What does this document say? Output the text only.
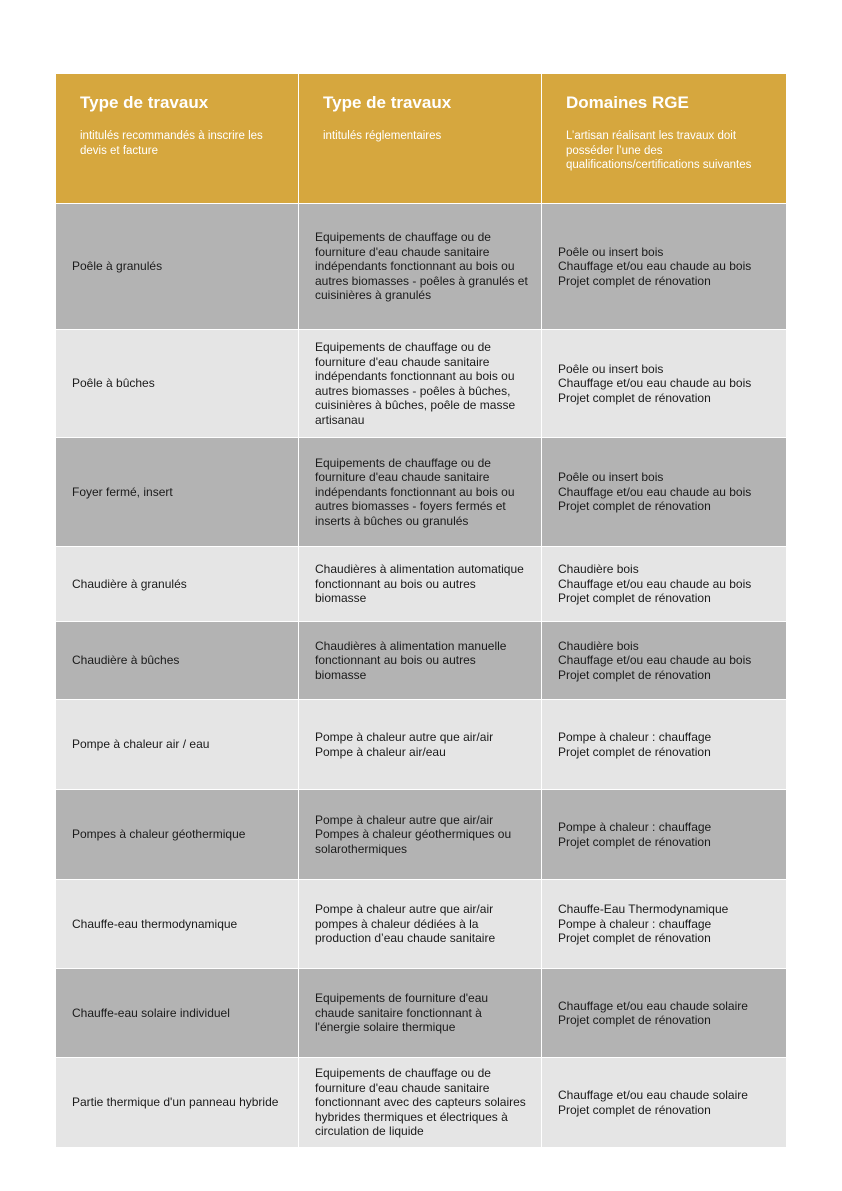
Type de travaux
intitulés recommandés à inscrire les devis et facture
Type de travaux
intitulés réglementaires
Domaines RGE
L’artisan réalisant les travaux doit posséder l’une des qualifications/certifications suivantes
Poêle à granulés
Equipements de chauffage ou de fourniture d'eau chaude sanitaire indépendants fonctionnant au bois ou autres biomasses - poêles à granulés et cuisinières à granulés
Poêle ou insert bois
Chauffage et/ou eau chaude au bois
Projet complet de rénovation
Poêle à bûches
Equipements de chauffage ou de fourniture d'eau chaude sanitaire indépendants fonctionnant au bois ou autres biomasses - poêles à bûches, cuisinières à bûches, poêle de masse artisanau
Poêle ou insert bois
Chauffage et/ou eau chaude au bois
Projet complet de rénovation
Foyer fermé, insert
Equipements de chauffage ou de fourniture d'eau chaude sanitaire indépendants fonctionnant au bois ou autres biomasses - foyers fermés et inserts à bûches ou granulés
Poêle ou insert bois
Chauffage et/ou eau chaude au bois
Projet complet de rénovation
Chaudière à granulés
Chaudières à alimentation automatique fonctionnant au bois ou autres biomasse
Chaudière bois
Chauffage et/ou eau chaude au bois
Projet complet de rénovation
Chaudière à bûches
Chaudières à alimentation manuelle fonctionnant au bois ou autres biomasse
Chaudière bois
Chauffage et/ou eau chaude au bois
Projet complet de rénovation
Pompe à chaleur air / eau
Pompe à chaleur autre que air/air
Pompe à chaleur air/eau
Pompe à chaleur : chauffage
Projet complet de rénovation
Pompes à chaleur géothermique
Pompe à chaleur autre que air/air
Pompes à chaleur géothermiques ou solarothermiques
Pompe à chaleur : chauffage
Projet complet de rénovation
Chauffe-eau thermodynamique
Pompe à chaleur autre que air/air
pompes à chaleur dédiées à la production d’eau chaude sanitaire
Chauffe-Eau Thermodynamique
Pompe à chaleur : chauffage
Projet complet de rénovation
Chauffe-eau solaire individuel
Equipements de fourniture d'eau chaude sanitaire fonctionnant à l'énergie solaire thermique
Chauffage et/ou eau chaude solaire
Projet complet de rénovation
Partie thermique d'un panneau hybride
Equipements de chauffage ou de fourniture d'eau chaude sanitaire fonctionnant avec des capteurs solaires hybrides thermiques et électriques à circulation de liquide
Chauffage et/ou eau chaude solaire
Projet complet de rénovation
